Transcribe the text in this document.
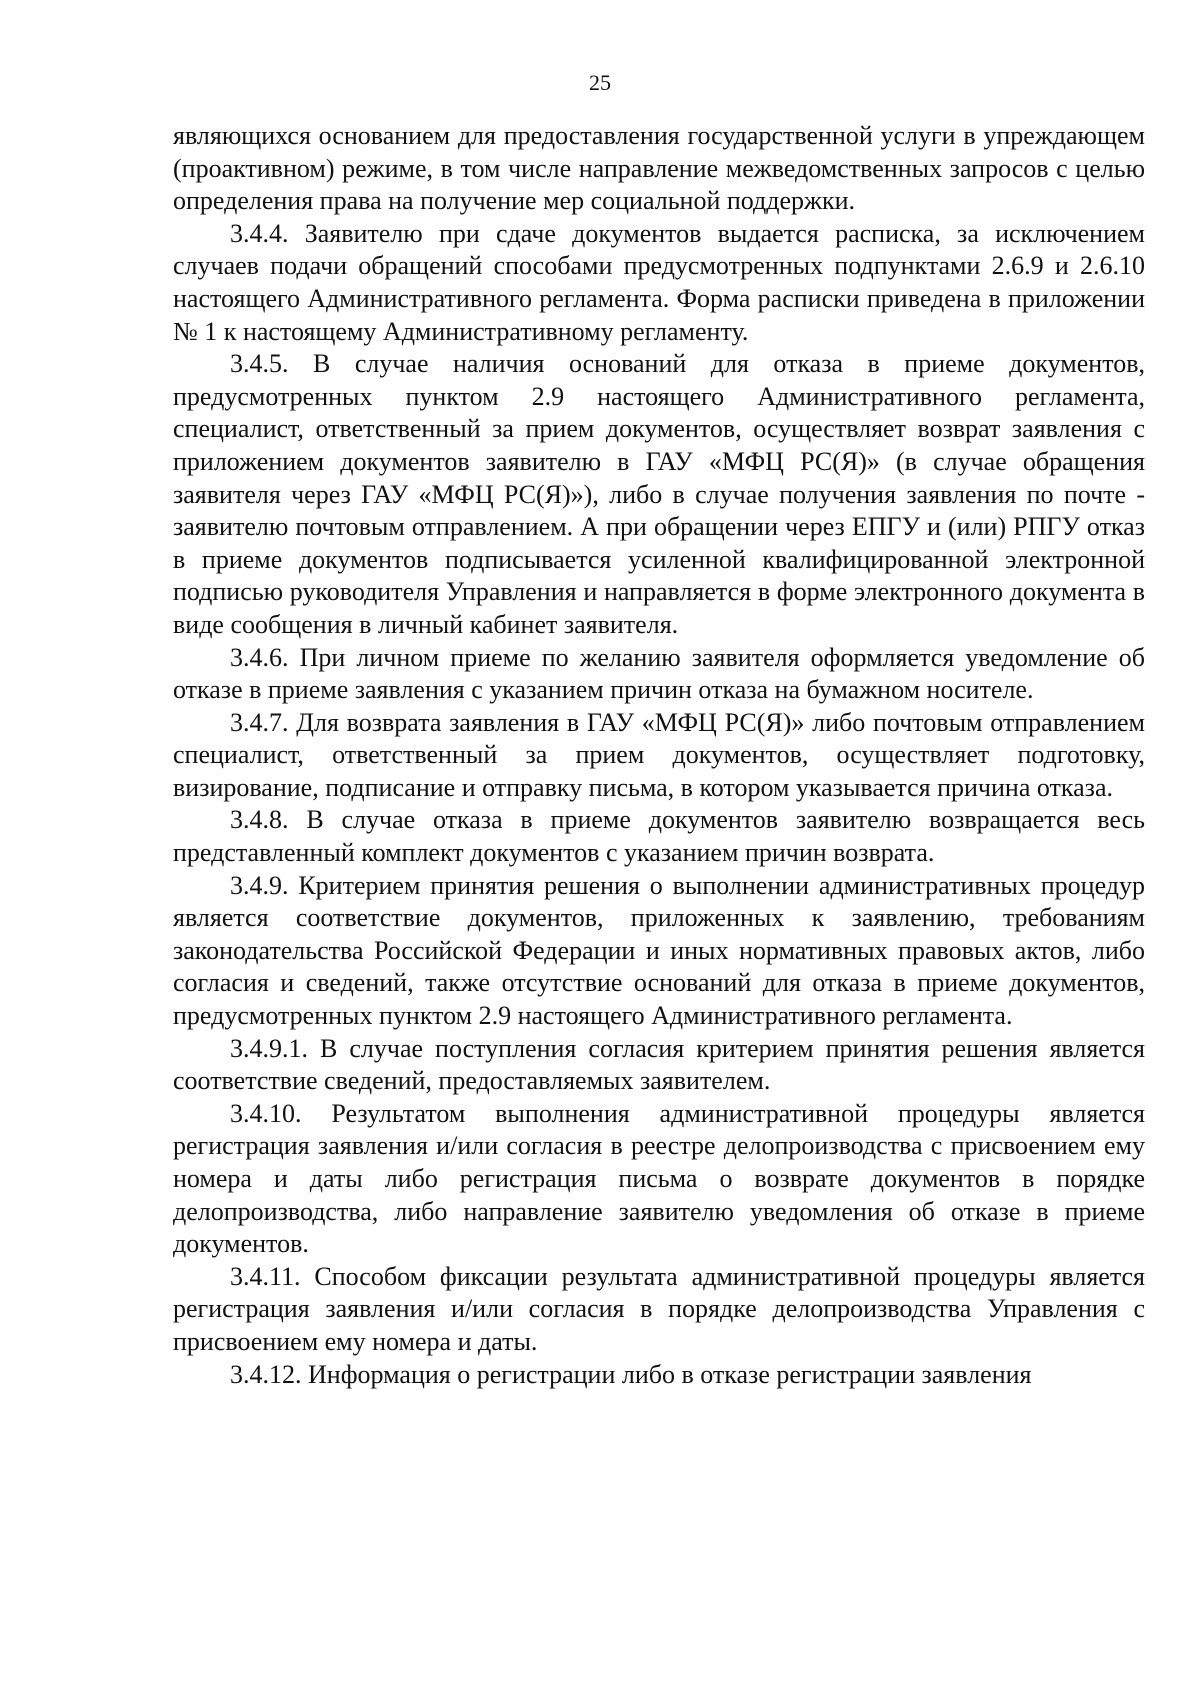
25

являющихся основанием для предоставления государственной услуги в упреждающем (проактивном) режиме, в том числе направление межведомственных запросов с целью определения права на получение мер социальной поддержки.

3.4.4. Заявителю при сдаче документов выдается расписка, за исключением случаев подачи обращений способами предусмотренных подпунктами 2.6.9 и 2.6.10 настоящего Административного регламента. Форма расписки приведена в приложении № 1 к настоящему Административному регламенту.

3.4.5. В случае наличия оснований для отказа в приеме документов, предусмотренных пунктом 2.9 настоящего Административного регламента, специалист, ответственный за прием документов, осуществляет возврат заявления с приложением документов заявителю в ГАУ «МФЦ РС(Я)» (в случае обращения заявителя через ГАУ «МФЦ РС(Я)»), либо в случае получения заявления по почте - заявителю почтовым отправлением. А при обращении через ЕПГУ и (или) РПГУ отказ в приеме документов подписывается усиленной квалифицированной электронной подписью руководителя Управления и направляется в форме электронного документа в виде сообщения в личный кабинет заявителя.

3.4.6. При личном приеме по желанию заявителя оформляется уведомление об отказе в приеме заявления с указанием причин отказа на бумажном носителе.

3.4.7. Для возврата заявления в ГАУ «МФЦ РС(Я)» либо почтовым отправлением специалист, ответственный за прием документов, осуществляет подготовку, визирование, подписание и отправку письма, в котором указывается причина отказа.

3.4.8. В случае отказа в приеме документов заявителю возвращается весь представленный комплект документов с указанием причин возврата.

3.4.9. Критерием принятия решения о выполнении административных процедур является соответствие документов, приложенных к заявлению, требованиям законодательства Российской Федерации и иных нормативных правовых актов, либо согласия и сведений, также отсутствие оснований для отказа в приеме документов, предусмотренных пунктом 2.9 настоящего Административного регламента.

3.4.9.1. В случае поступления согласия критерием принятия решения является соответствие сведений, предоставляемых заявителем.

3.4.10. Результатом выполнения административной процедуры является регистрация заявления и/или согласия в реестре делопроизводства с присвоением ему номера и даты либо регистрация письма о возврате документов в порядке делопроизводства, либо направление заявителю уведомления об отказе в приеме документов.

3.4.11. Способом фиксации результата административной процедуры является регистрация заявления и/или согласия в порядке делопроизводства Управления с присвоением ему номера и даты.

3.4.12. Информация о регистрации либо в отказе регистрации заявления
